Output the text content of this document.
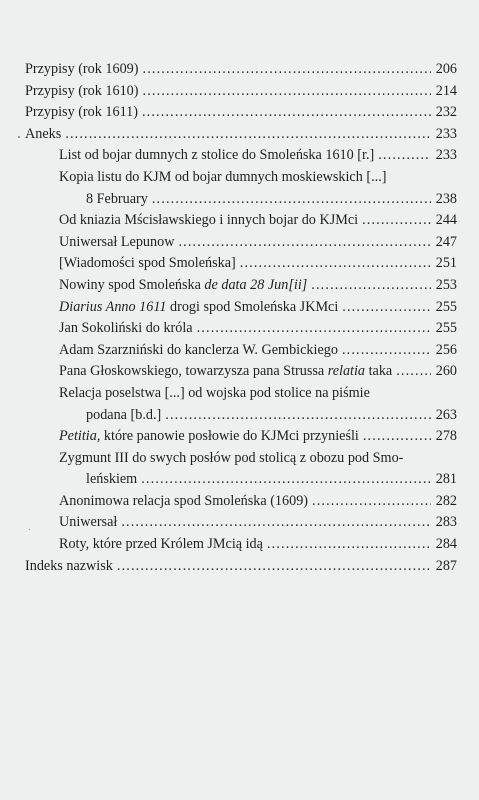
Przypisy (rok 1609) . . .	206
Przypisy (rok 1610) . . .	214
Przypisy (rok 1611) . . .	232
Aneks . . .	233
List od bojar dumnych z stolice do Smoleńska 1610 [r.] . . .	233
Kopia listu do KJM od bojar dumnych moskiewskich [...]
8 February . . .	238
Od kniazia Mścisławskiego i innych bojar do KJMci . . .	244
Uniwersał Lepunow . . .	247
[Wiadomości spod Smoleńska] . . .	251
Nowiny spod Smoleńska de data 28 Jun[ii] . . .	253
Diarius Anno 1611 drogi spod Smoleńska JKMci . . .	255
Jan Sokoliński do króla . . .	255
Adam Szarzniński do kanclerza W. Gembickiego . . .	256
Pana Głoskowskiego, towarzysza pana Strussa relatia taka . . .	260
Relacja poselstwa [...] od wojska pod stolice na piśmie
podana [b.d.] . . .	263
Petitia, które panowie posłowie do KJMci przynieśli . . .	278
Zygmunt III do swych posłów pod stolicą z obozu pod Smo-
leńskiem . . .	281
Anonimowa relacja spod Smoleńska (1609) . . .	282
Uniwersał . . .	283
Roty, które przed Królem JMcią idą . . .	284
Indeks nazwisk . . .	287
